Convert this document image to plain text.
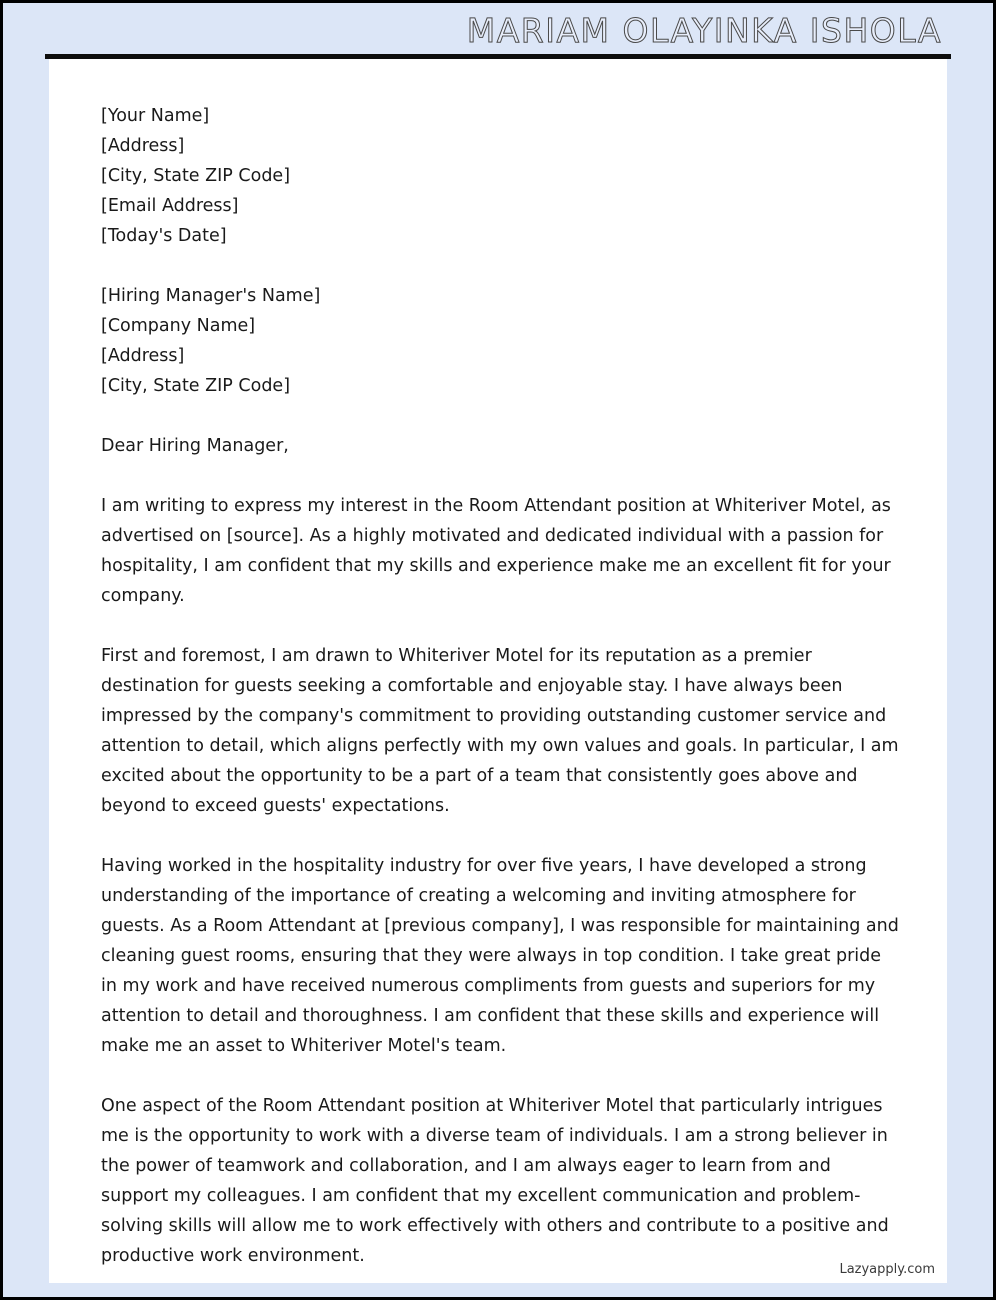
MARIAM OLAYINKA ISHOLA
[Your Name]
[Address]
[City, State ZIP Code]
[Email Address]
[Today's Date]
[Hiring Manager's Name]
[Company Name]
[Address]
[City, State ZIP Code]
Dear Hiring Manager,

I am writing to express my interest in the Room Attendant position at Whiteriver Motel, as advertised on [source]. As a highly motivated and dedicated individual with a passion for hospitality, I am confident that my skills and experience make me an excellent fit for your company.

First and foremost, I am drawn to Whiteriver Motel for its reputation as a premier destination for guests seeking a comfortable and enjoyable stay. I have always been impressed by the company's commitment to providing outstanding customer service and attention to detail, which aligns perfectly with my own values and goals. In particular, I am excited about the opportunity to be a part of a team that consistently goes above and beyond to exceed guests' expectations.

Having worked in the hospitality industry for over five years, I have developed a strong understanding of the importance of creating a welcoming and inviting atmosphere for guests. As a Room Attendant at [previous company], I was responsible for maintaining and cleaning guest rooms, ensuring that they were always in top condition. I take great pride in my work and have received numerous compliments from guests and superiors for my attention to detail and thoroughness. I am confident that these skills and experience will make me an asset to Whiteriver Motel's team.

One aspect of the Room Attendant position at Whiteriver Motel that particularly intrigues me is the opportunity to work with a diverse team of individuals. I am a strong believer in the power of teamwork and collaboration, and I am always eager to learn from and support my colleagues. I am confident that my excellent communication and problem-solving skills will allow me to work effectively with others and contribute to a positive and productive work environment.

Lazyapply.com
